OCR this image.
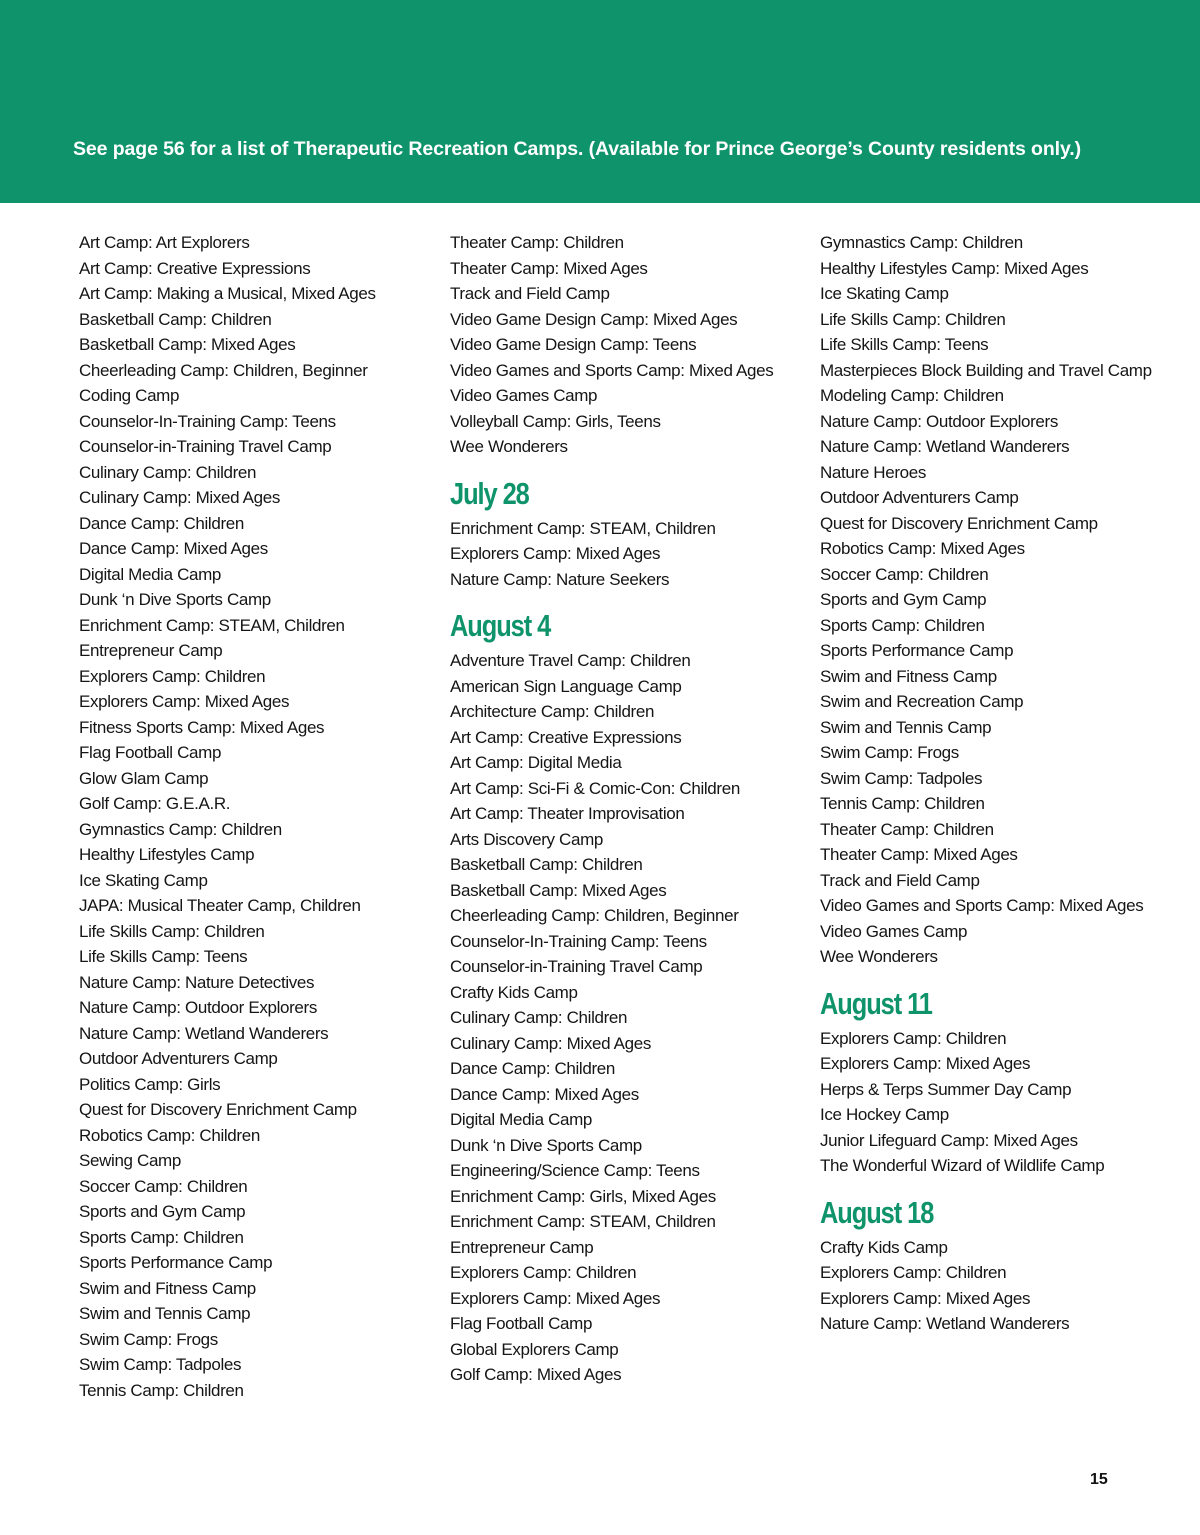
See page 56 for a list of Therapeutic Recreation Camps. (Available for Prince George’s County residents only.)
Art Camp: Art Explorers
Art Camp: Creative Expressions
Art Camp: Making a Musical, Mixed Ages
Basketball Camp: Children
Basketball Camp: Mixed Ages
Cheerleading Camp: Children, Beginner
Coding Camp
Counselor-In-Training Camp: Teens
Counselor-in-Training Travel Camp
Culinary Camp: Children
Culinary Camp: Mixed Ages
Dance Camp: Children
Dance Camp: Mixed Ages
Digital Media Camp
Dunk ‘n Dive Sports Camp
Enrichment Camp: STEAM, Children
Entrepreneur Camp
Explorers Camp: Children
Explorers Camp: Mixed Ages
Fitness Sports Camp: Mixed Ages
Flag Football Camp
Glow Glam Camp
Golf Camp: G.E.A.R.
Gymnastics Camp: Children
Healthy Lifestyles Camp
Ice Skating Camp
JAPA: Musical Theater Camp, Children
Life Skills Camp: Children
Life Skills Camp: Teens
Nature Camp: Nature Detectives
Nature Camp: Outdoor Explorers
Nature Camp: Wetland Wanderers
Outdoor Adventurers Camp
Politics Camp: Girls
Quest for Discovery Enrichment Camp
Robotics Camp: Children
Sewing Camp
Soccer Camp: Children
Sports and Gym Camp
Sports Camp: Children
Sports Performance Camp
Swim and Fitness Camp
Swim and Tennis Camp
Swim Camp: Frogs
Swim Camp: Tadpoles
Tennis Camp: Children
Theater Camp: Children
Theater Camp: Mixed Ages
Track and Field Camp
Video Game Design Camp: Mixed Ages
Video Game Design Camp: Teens
Video Games and Sports Camp: Mixed Ages
Video Games Camp
Volleyball Camp: Girls, Teens
Wee Wonderers
July 28
Enrichment Camp: STEAM, Children
Explorers Camp: Mixed Ages
Nature Camp: Nature Seekers
August 4
Adventure Travel Camp: Children
American Sign Language Camp
Architecture Camp: Children
Art Camp: Creative Expressions
Art Camp: Digital Media
Art Camp: Sci-Fi & Comic-Con: Children
Art Camp: Theater Improvisation
Arts Discovery Camp
Basketball Camp: Children
Basketball Camp: Mixed Ages
Cheerleading Camp: Children, Beginner
Counselor-In-Training Camp: Teens
Counselor-in-Training Travel Camp
Crafty Kids Camp
Culinary Camp: Children
Culinary Camp: Mixed Ages
Dance Camp: Children
Dance Camp: Mixed Ages
Digital Media Camp
Dunk ‘n Dive Sports Camp
Engineering/Science Camp: Teens
Enrichment Camp: Girls, Mixed Ages
Enrichment Camp: STEAM, Children
Entrepreneur Camp
Explorers Camp: Children
Explorers Camp: Mixed Ages
Flag Football Camp
Global Explorers Camp
Golf Camp: Mixed Ages
Gymnastics Camp: Children
Healthy Lifestyles Camp: Mixed Ages
Ice Skating Camp
Life Skills Camp: Children
Life Skills Camp: Teens
Masterpieces Block Building and Travel Camp
Modeling Camp: Children
Nature Camp: Outdoor Explorers
Nature Camp: Wetland Wanderers
Nature Heroes
Outdoor Adventurers Camp
Quest for Discovery Enrichment Camp
Robotics Camp: Mixed Ages
Soccer Camp: Children
Sports and Gym Camp
Sports Camp: Children
Sports Performance Camp
Swim and Fitness Camp
Swim and Recreation Camp
Swim and Tennis Camp
Swim Camp: Frogs
Swim Camp: Tadpoles
Tennis Camp: Children
Theater Camp: Children
Theater Camp: Mixed Ages
Track and Field Camp
Video Games and Sports Camp: Mixed Ages
Video Games Camp
Wee Wonderers
August 11
Explorers Camp: Children
Explorers Camp: Mixed Ages
Herps & Terps Summer Day Camp
Ice Hockey Camp
Junior Lifeguard Camp: Mixed Ages
The Wonderful Wizard of Wildlife Camp
August 18
Crafty Kids Camp
Explorers Camp: Children
Explorers Camp: Mixed Ages
Nature Camp: Wetland Wanderers
15
